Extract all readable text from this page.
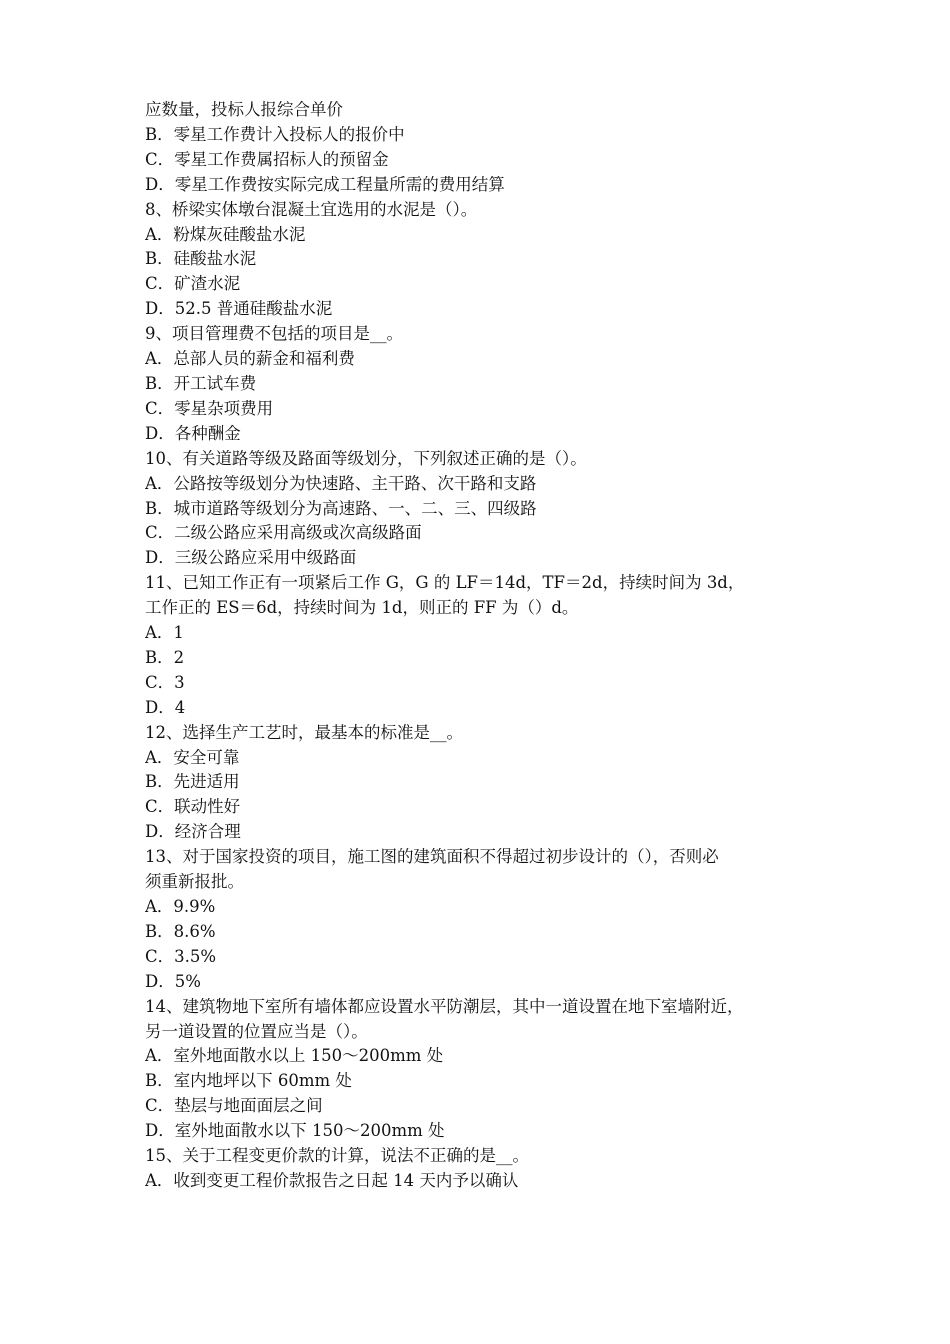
应数量，投标人报综合单价
B．零星工作费计入投标人的报价中
C．零星工作费属招标人的预留金
D．零星工作费按实际完成工程量所需的费用结算
8、桥梁实体墩台混凝土宜选用的水泥是（）。
A．粉煤灰硅酸盐水泥
B．硅酸盐水泥
C．矿渣水泥
D．52.5 普通硅酸盐水泥
9、项目管理费不包括的项目是__。
A．总部人员的薪金和福利费
B．开工试车费
C．零星杂项费用
D．各种酬金
10、有关道路等级及路面等级划分，下列叙述正确的是（）。
A．公路按等级划分为快速路、主干路、次干路和支路
B．城市道路等级划分为高速路、一、二、三、四级路
C．二级公路应采用高级或次高级路面
D．三级公路应采用中级路面
11、已知工作正有一项紧后工作 G，G 的 LF＝14d，TF＝2d，持续时间为 3d，
工作正的 ES＝6d，持续时间为 1d，则正的 FF 为（）d。
A．1
B．2
C．3
D．4
12、选择生产工艺时，最基本的标准是__。
A．安全可靠
B．先进适用
C．联动性好
D．经济合理
13、对于国家投资的项目，施工图的建筑面积不得超过初步设计的（），否则必
须重新报批。
A．9.9%
B．8.6%
C．3.5%
D．5%
14、建筑物地下室所有墙体都应设置水平防潮层，其中一道设置在地下室墙附近，
另一道设置的位置应当是（）。
A．室外地面散水以上 150～200mm 处
B．室内地坪以下 60mm 处
C．垫层与地面面层之间
D．室外地面散水以下 150～200mm 处
15、关于工程变更价款的计算，说法不正确的是__。
A．收到变更工程价款报告之日起 14 天内予以确认
